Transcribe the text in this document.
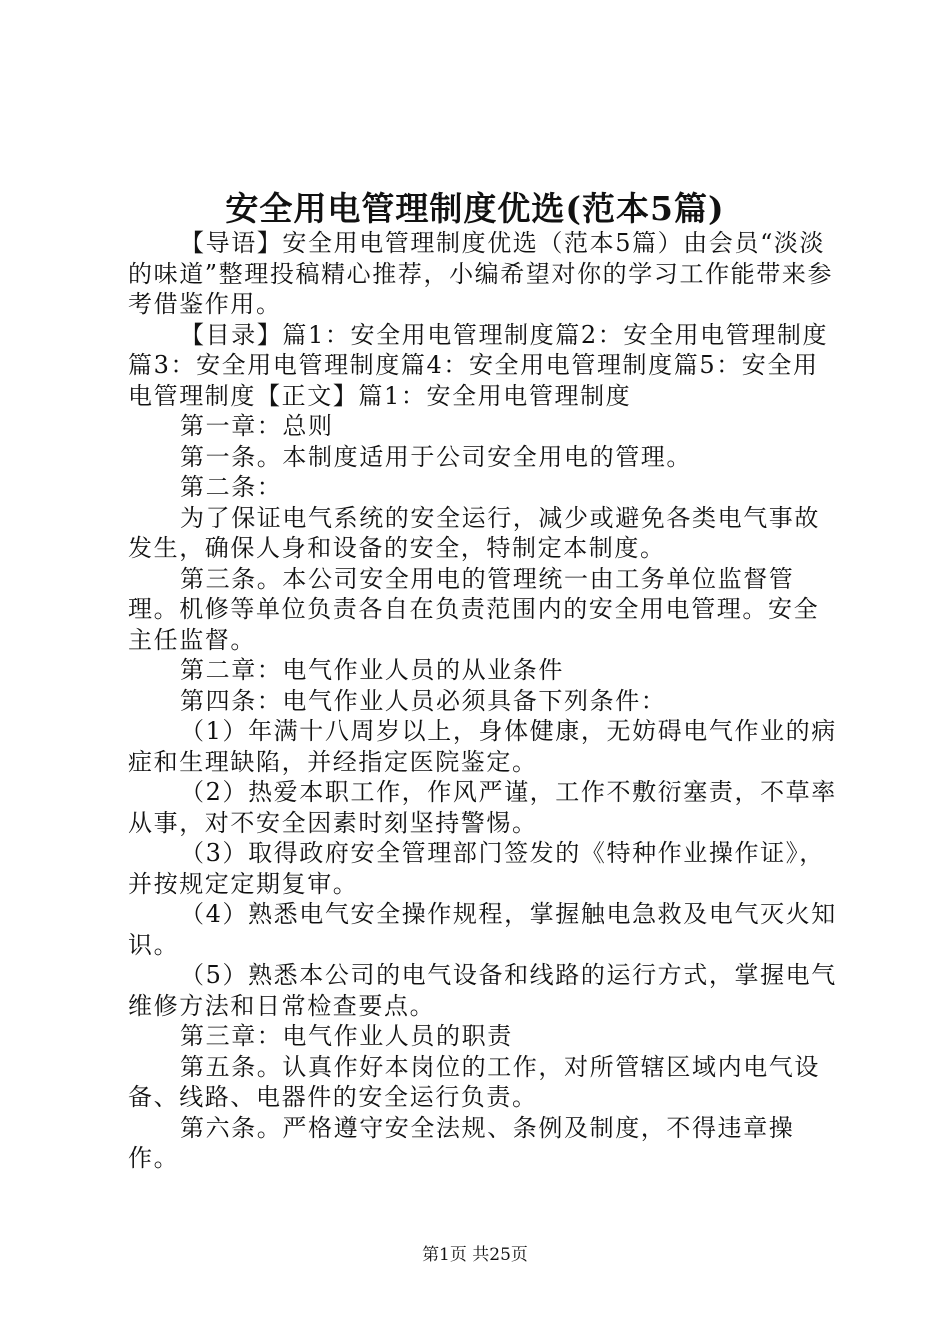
安全用电管理制度优选(范本5篇)

【导语】安全用电管理制度优选（范本5篇）由会员“淡淡的味道”整理投稿精心推荐，小编希望对你的学习工作能带来参考借鉴作用。

【目录】篇1：安全用电管理制度篇2：安全用电管理制度篇3：安全用电管理制度篇4：安全用电管理制度篇5：安全用电管理制度【正文】篇1：安全用电管理制度

第一章：总则

第一条。本制度适用于公司安全用电的管理。

第二条：

为了保证电气系统的安全运行，减少或避免各类电气事故发生，确保人身和设备的安全，特制定本制度。

第三条。本公司安全用电的管理统一由工务单位监督管理。机修等单位负责各自在负责范围内的安全用电管理。安全主任监督。

第二章：电气作业人员的从业条件

第四条：电气作业人员必须具备下列条件：

（1）年满十八周岁以上，身体健康，无妨碍电气作业的病症和生理缺陷，并经指定医院鉴定。

（2）热爱本职工作，作风严谨，工作不敷衍塞责，不草率从事，对不安全因素时刻坚持警惕。

（3）取得政府安全管理部门签发的《特种作业操作证》，并按规定定期复审。

（4）熟悉电气安全操作规程，掌握触电急救及电气灭火知识。

（5）熟悉本公司的电气设备和线路的运行方式，掌握电气维修方法和日常检查要点。

第三章：电气作业人员的职责

第五条。认真作好本岗位的工作，对所管辖区域内电气设备、线路、电器件的安全运行负责。

第六条。严格遵守安全法规、条例及制度，不得违章操作。

第1页 共25页
